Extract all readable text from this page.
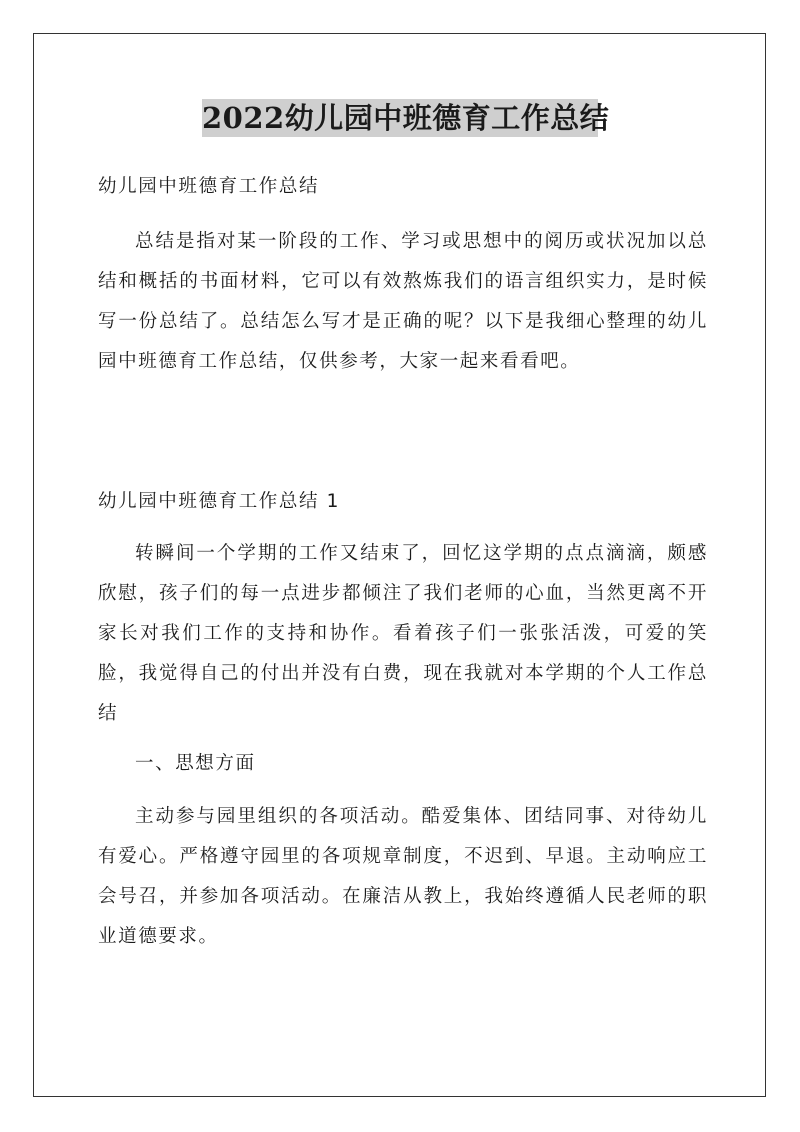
2022幼儿园中班德育工作总结
幼儿园中班德育工作总结
总结是指对某一阶段的工作、学习或思想中的阅历或状况加以总结和概括的书面材料，它可以有效熬炼我们的语言组织实力，是时候写一份总结了。总结怎么写才是正确的呢？以下是我细心整理的幼儿园中班德育工作总结，仅供参考，大家一起来看看吧。
幼儿园中班德育工作总结 1
转瞬间一个学期的工作又结束了，回忆这学期的点点滴滴，颇感欣慰，孩子们的每一点进步都倾注了我们老师的心血，当然更离不开家长对我们工作的支持和协作。看着孩子们一张张活泼，可爱的笑脸，我觉得自己的付出并没有白费，现在我就对本学期的个人工作总结
一、思想方面
主动参与园里组织的各项活动。酷爱集体、团结同事、对待幼儿有爱心。严格遵守园里的各项规章制度，不迟到、早退。主动响应工会号召，并参加各项活动。在廉洁从教上，我始终遵循人民老师的职业道德要求。
